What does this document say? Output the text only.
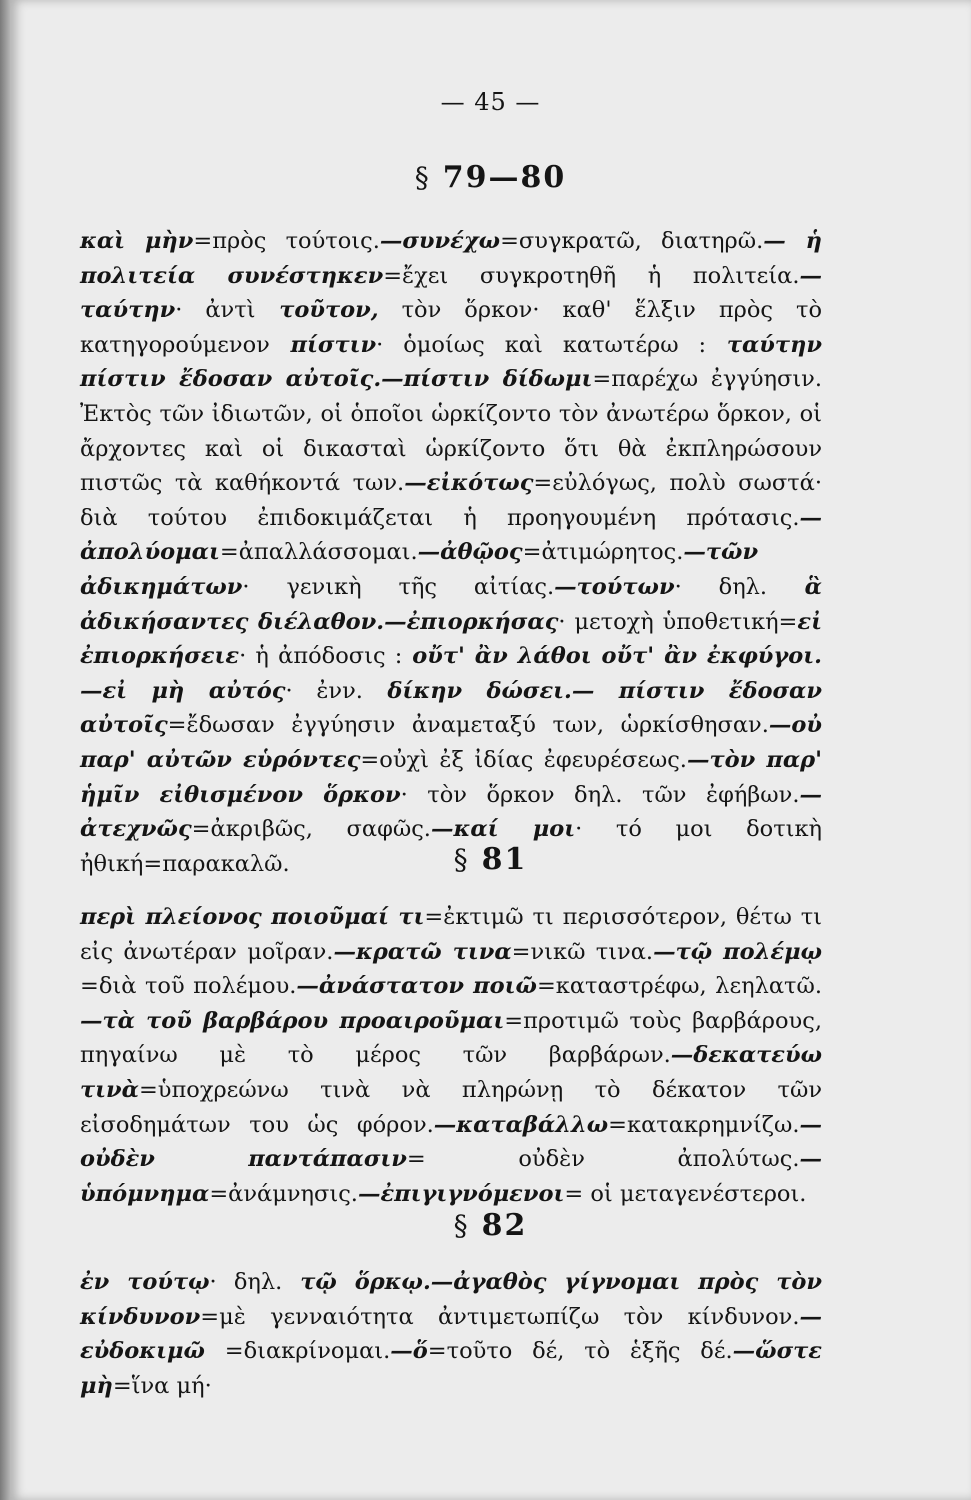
— 45 —
§ 79—80

καὶ μὴν=πρὸς τούτοις.—συνέχω=συγκρατῶ, διατηρῶ.— ἡ πολιτεία συνέστηκεν=ἔχει συγκροτηθῆ ἡ πολιτεία.—ταύτην· ἀντὶ τοῦτον, τὸν ὅρκον· καθ' ἕλξιν πρὸς τὸ κατηγορούμενον πίστιν· ὁμοίως καὶ κατωτέρω : ταύτην πίστιν ἔδοσαν αὐτοῖς.—πίστιν δίδωμι=παρέχω ἐγγύησιν. Ἐκτὸς τῶν ἰδιωτῶν, οἱ ὁποῖοι ὡρκίζοντο τὸν ἀνωτέρω ὅρκον, οἱ ἄρχοντες καὶ οἱ δικασταὶ ὡρκίζοντο ὅτι θὰ ἐκπληρώσουν πιστῶς τὰ καθήκοντά των.—εἰκότως=εὐλόγως, πολὺ σωστά· διὰ τούτου ἐπιδοκιμάζεται ἡ προηγουμένη πρότασις.—ἀπολύομαι=ἀπαλλάσσομαι.—ἀθῷος=ἀτιμώρητος.—τῶν ἀδικημάτων· γενικὴ τῆς αἰτίας.—τούτων· δηλ. ἃ ἀδικήσαντες διέλαθον.—ἐπιορκήσας· μετοχὴ ὑποθετική=εἰ ἐπιορκήσειε· ἡ ἀπόδοσις : οὔτ' ἂν λάθοι οὔτ' ἂν ἐκφύγοι.—εἰ μὴ αὐτός· ἐνν. δίκην δώσει.— πίστιν ἔδοσαν αὐτοῖς=ἔδωσαν ἐγγύησιν ἀναμεταξύ των, ὡρκίσθησαν.—οὐ παρ' αὐτῶν εὑρόντες=οὐχὶ ἐξ ἰδίας ἐφευρέσεως.—τὸν παρ' ἡμῖν εἰθισμένον ὅρκον· τὸν ὅρκον δηλ. τῶν ἐφήβων.—ἀτεχνῶς=ἀκριβῶς, σαφῶς.—καί μοι· τό μοι δοτικὴ ἠθική=παρακαλῶ.	§ 81

περὶ πλείονος ποιοῦμαί τι=ἐκτιμῶ τι περισσότερον, θέτω τι εἰς ἀνωτέραν μοῖραν.—κρατῶ τινα=νικῶ τινα.—τῷ πολέμῳ =διὰ τοῦ πολέμου.—ἀνάστατον ποιῶ=καταστρέφω, λεηλατῶ. —τὰ τοῦ βαρβάρου προαιροῦμαι=προτιμῶ τοὺς βαρβάρους, πηγαίνω μὲ τὸ μέρος τῶν βαρβάρων.—δεκατεύω τινὰ=ὑποχρεώνω τινὰ νὰ πληρώνῃ τὸ δέκατον τῶν εἰσοδημάτων του ὡς φόρον.—καταβάλλω=κατακρημνίζω.—οὐδὲν παντάπασιν= οὐδὲν ἀπολύτως.—ὑπόμνημα=ἀνάμνησις.—ἐπιγιγνόμενοι= οἱ μεταγενέστεροι.

§ 82

ἐν τούτῳ· δηλ. τῷ ὅρκῳ.—ἀγαθὸς γίγνομαι πρὸς τὸν κίνδυνον=μὲ γενναιότητα ἀντιμετωπίζω τὸν κίνδυνον.—εὐδοκιμῶ =διακρίνομαι.—ὅ=τοῦτο δέ, τὸ ἑξῆς δέ.—ὥστε μὴ=ἵνα μή·
